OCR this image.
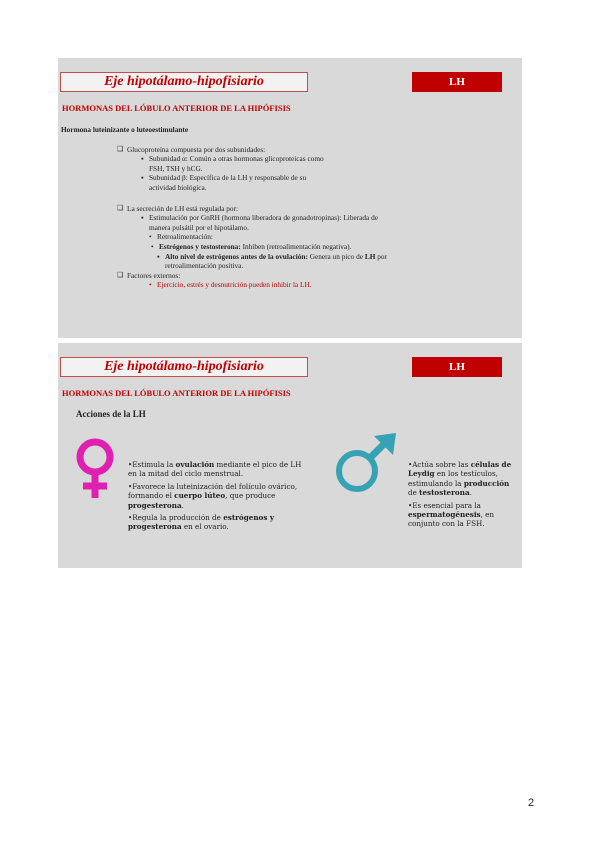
Eje hipotálamo-hipofisiario	LH
HORMONAS DEL LÓBULO ANTERIOR DE LA HIPÓFISIS

Hormona luteinizante o luteoestimulante

❑ Glucoproteína compuesta por dos subunidades:

▪ Subunidad α: Común a otras hormonas glicoproteicas como
FSH, TSH y hCG.

▪ Subunidad β: Específica de la LH y responsable de su
actividad biológica.

❑ La secreción de LH está regulada por:

▪ Estimulación por GnRH (hormona liberadora de gonadotropinas): Liberada de
manera pulsátil por el hipotálamo.

• Retroalimentación:

• Estrógenos y testosterona: Inhiben (retroalimentación negativa).

▪ Alto nivel de estrógenos antes de la ovulación: Genera un pico de LH por
retroalimentación positiva.

❑ Factores externos:

• Ejercicio, estrés y desnutrición pueden inhibir la LH.

Eje hipotálamo-hipofisiario	LH
HORMONAS DEL LÓBULO ANTERIOR DE LA HIPÓFISIS
Acciones de la LH

•Estimula la ovulación mediante el pico de LH en la mitad del ciclo menstrual.

•Favorece la luteinización del folículo ovárico, formando el cuerpo lúteo, que produce progesterona.

•Regula la producción de estrógenos y progesterona en el ovario.

•Actúa sobre las células de Leydig en los testículos, estimulando la producción de testosterona.

•Es esencial para la espermatogénesis, en conjunto con la FSH.

2
